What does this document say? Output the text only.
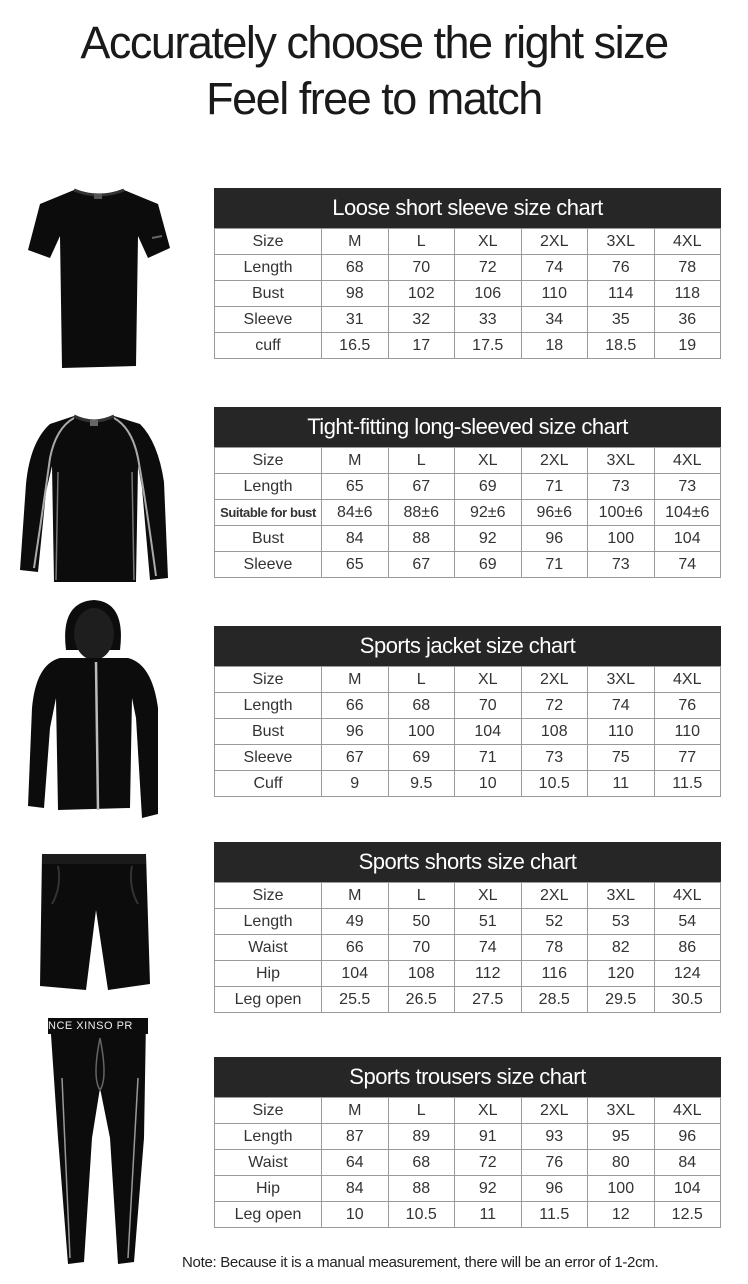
Accurately choose the right size
Feel free to match
Loose short sleeve size chart
Size	M	L	XL	2XL	3XL	4XL
Length	68	70	72	74	76	78
Bust	98	102	106	110	114	118
Sleeve	31	32	33	34	35	36
cuff	16.5	17	17.5	18	18.5	19
Tight-fitting long-sleeved size chart
Size	M	L	XL	2XL	3XL	4XL
Length	65	67	69	71	73	73
Suitable for bust	84±6	88±6	92±6	96±6	100±6	104±6
Bust	84	88	92	96	100	104
Sleeve	65	67	69	71	73	74
Sports jacket size chart
Size	M	L	XL	2XL	3XL	4XL
Length	66	68	70	72	74	76
Bust	96	100	104	108	110	110
Sleeve	67	69	71	73	75	77
Cuff	9	9.5	10	10.5	11	11.5
Sports shorts size chart
Size	M	L	XL	2XL	3XL	4XL
Length	49	50	51	52	53	54
Waist	66	70	74	78	82	86
Hip	104	108	112	116	120	124
Leg open	25.5	26.5	27.5	28.5	29.5	30.5
NCE XINSO PR
Sports trousers size chart
Size	M	L	XL	2XL	3XL	4XL
Length	87	89	91	93	95	96
Waist	64	68	72	76	80	84
Hip	84	88	92	96	100	104
Leg open	10	10.5	11	11.5	12	12.5
Note: Because it is a manual measurement, there will be an error of 1-2cm.
